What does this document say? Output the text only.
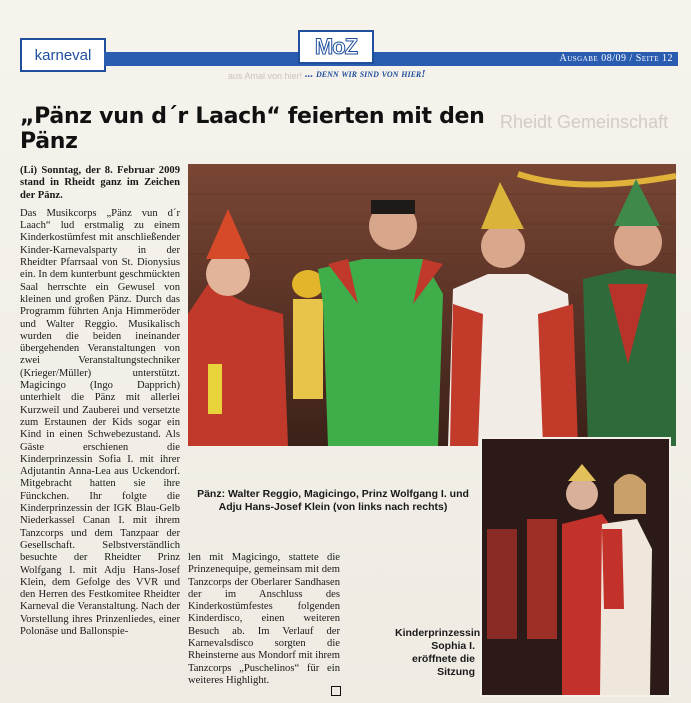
karneval	MoZ	Ausgabe 08/09 / Seite 12
aus Amal von hier! ... denn wir sind von hier!
Rheidt Gemeinschaft
„Pänz vun d´r Laach“ feierten mit den Pänz

(Li) Sonntag, der 8. Februar 2009 stand in Rheidt ganz im Zeichen der Pänz.

Das Musikcorps „Pänz vun d´r Laach“ lud erstmalig zu einem Kinderkostümfest mit anschließender Kinder-Karnevalsparty in der Rheidter Pfarrsaal von St. Dionysius ein. In dem kunterbunt geschmückten Saal herrschte ein Gewusel von kleinen und großen Pänz. Durch das Programm führten Anja Himmeröder und Walter Reggio. Musikalisch wurden die beiden ineinander übergehenden Veranstaltungen von zwei Veranstaltungstechniker (Krieger/Müller) unterstützt. Magicingo (Ingo Dapprich) unterhielt die Pänz mit allerlei Kurzweil und Zauberei und versetzte zum Erstaunen der Kids sogar ein Kind in einen Schwebezustand. Als Gäste erschienen die Kinderprinzessin Sofia I. mit ihrer Adjutantin Anna-Lea aus Uckendorf. Mitgebracht hatten sie ihre Fünckchen. Ihr folgte die Kinderprinzessin der IGK Blau-Gelb Niederkassel Canan I. mit ihrem Tanzcorps und dem Tanzpaar der Gesellschaft. Selbstverständlich besuchte der Rheidter Prinz Wolfgang I. mit Adju Hans-Josef Klein, dem Gefolge des VVR und den Herren des Festkomitee Rheidter Karneval die Veranstaltung. Nach der Vorstellung ihres Prinzenliedes, einer Polonäse und Ballonspie-

Pänz: Walter Reggio, Magicingo, Prinz Wolfgang I. und Adju Hans-Josef Klein (von links nach rechts)
Kinderprinzessin Sophia I. eröffnete die Sitzung

len mit Magicingo, stattete die Prinzenequipe, gemeinsam mit dem Tanzcorps der Oberlarer Sandhasen der im Anschluss des Kinderkostümfestes folgenden Kinderdisco, einen weiteren Besuch ab. Im Verlauf der Karnevalsdisco sorgten die Rheinsterne aus Mondorf mit ihrem Tanzcorps „Puschelinos“ für ein weiteres Highlight.
